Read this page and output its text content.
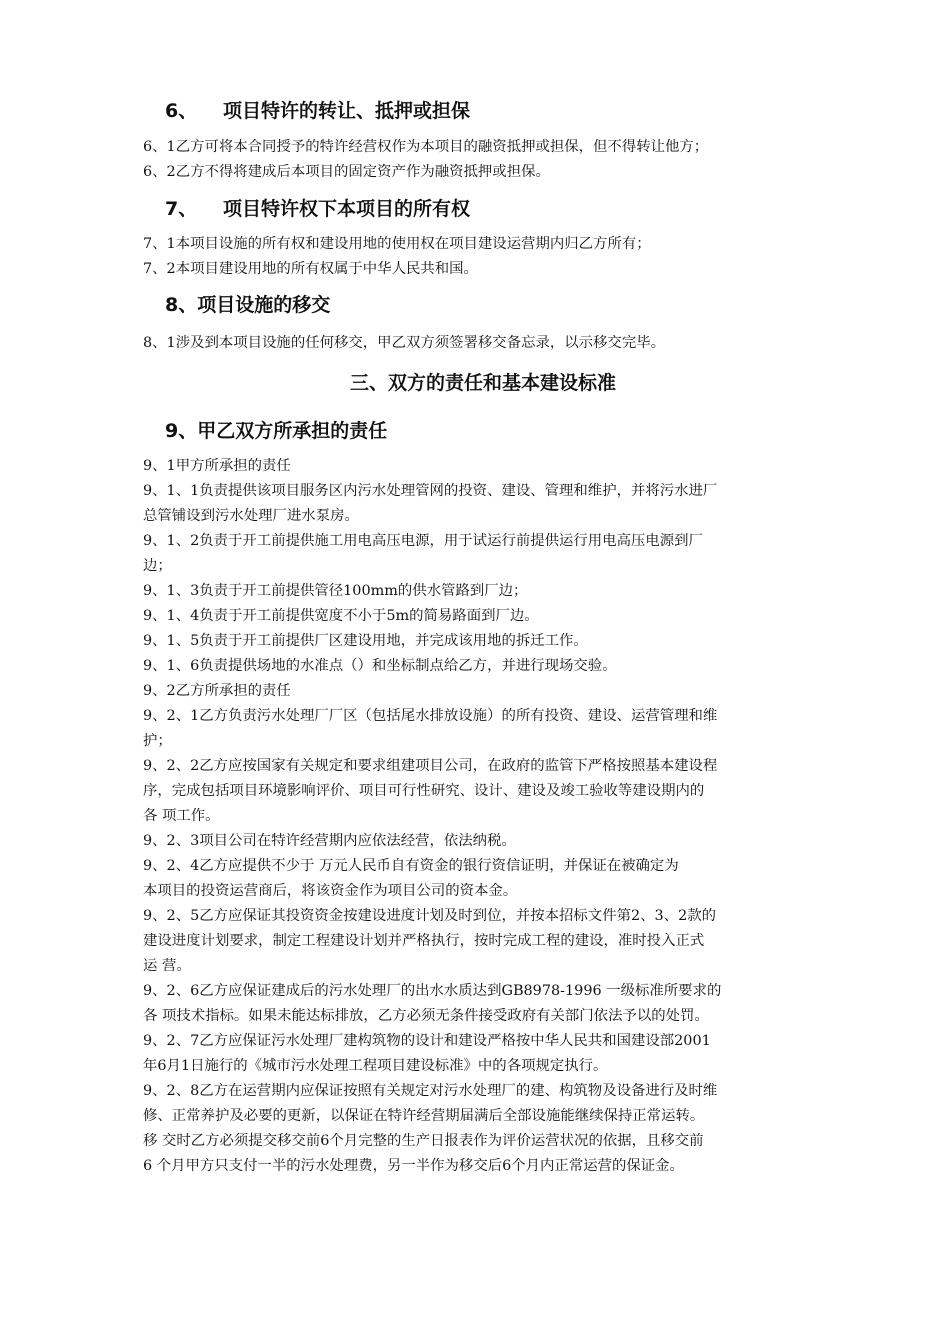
6、 项目特许的转让、抵押或担保

6、1乙方可将本合同授予的特许经营权作为本项目的融资抵押或担保，但不得转让他方；

6、2乙方不得将建成后本项目的固定资产作为融资抵押或担保。

7、 项目特许权下本项目的所有权

7、1本项目设施的所有权和建设用地的使用权在项目建设运营期内归乙方所有；

7、2本项目建设用地的所有权属于中华人民共和国。

8、项目设施的移交

8、1涉及到本项目设施的任何移交，甲乙双方须签署移交备忘录，以示移交完毕。

三、双方的责任和基本建设标准
9、甲乙双方所承担的责任

9、1甲方所承担的责任

9、1、1负责提供该项目服务区内污水处理管网的投资、建设、管理和维护，并将污水进厂

总管铺设到污水处理厂进水泵房。

9、1、2负责于开工前提供施工用电高压电源，用于试运行前提供运行用电高压电源到厂

边；

9、1、3负责于开工前提供管径100mm的供水管路到厂边；

9、1、4负责于开工前提供宽度不小于5m的简易路面到厂边。

9、1、5负责于开工前提供厂区建设用地，并完成该用地的拆迁工作。

9、1、6负责提供场地的水准点（）和坐标制点给乙方，并进行现场交验。

9、2乙方所承担的责任

9、2、1乙方负责污水处理厂厂区（包括尾水排放设施）的所有投资、建设、运营管理和维

护；

9、2、2乙方应按国家有关规定和要求组建项目公司，在政府的监管下严格按照基本建设程

序，完成包括项目环境影响评价、项目可行性研究、设计、建设及竣工验收等建设期内的

各 项工作。

9、2、3项目公司在特许经营期内应依法经营，依法纳税。

9、2、4乙方应提供不少于 万元人民币自有资金的银行资信证明，并保证在被确定为

本项目的投资运营商后，将该资金作为项目公司的资本金。

9、2、5乙方应保证其投资资金按建设进度计划及时到位，并按本招标文件第2、3、2款的

建设进度计划要求，制定工程建设计划并严格执行，按时完成工程的建设，准时投入正式

运 营。

9、2、6乙方应保证建成后的污水处理厂的出水水质达到GB8978-1996 一级标准所要求的

各 项技术指标。如果未能达标排放，乙方必须无条件接受政府有关部门依法予以的处罚。

9、2、7乙方应保证污水处理厂建构筑物的设计和建设严格按中华人民共和国建设部2001

年6月1日施行的《城市污水处理工程项目建设标准》中的各项规定执行。

9、2、8乙方在运营期内应保证按照有关规定对污水处理厂的建、构筑物及设备进行及时维

修、正常养护及必要的更新，以保证在特许经营期届满后全部设施能继续保持正常运转。

移 交时乙方必须提交移交前6个月完整的生产日报表作为评价运营状况的依据，且移交前

6 个月甲方只支付一半的污水处理费，另一半作为移交后6个月内正常运营的保证金。
